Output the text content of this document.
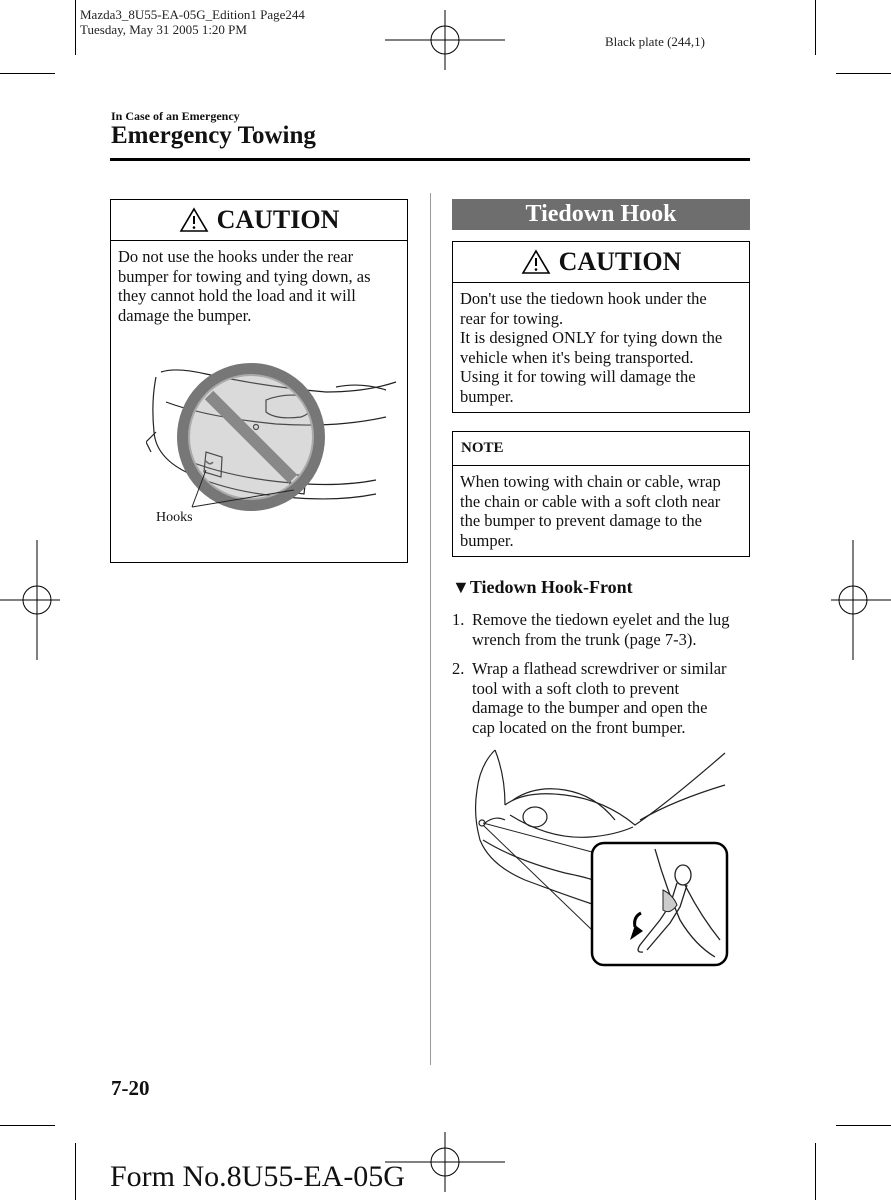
Mazda3_8U55-EA-05G_Edition1 Page244
Tuesday, May 31 2005 1:20 PM
Black plate (244,1)
In Case of an Emergency
Emergency Towing
CAUTION
Do not use the hooks under the rear
bumper for towing and tying down, as
they cannot hold the load and it will
damage the bumper.
Hooks
Tiedown Hook
CAUTION
Don't use the tiedown hook under the
rear for towing.
It is designed ONLY for tying down the
vehicle when it's being transported.
Using it for towing will damage the
bumper.
NOTE
When towing with chain or cable, wrap
the chain or cable with a soft cloth near
the bumper to prevent damage to the
bumper.
▼Tiedown Hook-Front
1. Remove the tiedown eyelet and the lug
wrench from the trunk (page 7-3).
2. Wrap a flathead screwdriver or similar
tool with a soft cloth to prevent
damage to the bumper and open the
cap located on the front bumper.
7-20
Form No.8U55-EA-05G
